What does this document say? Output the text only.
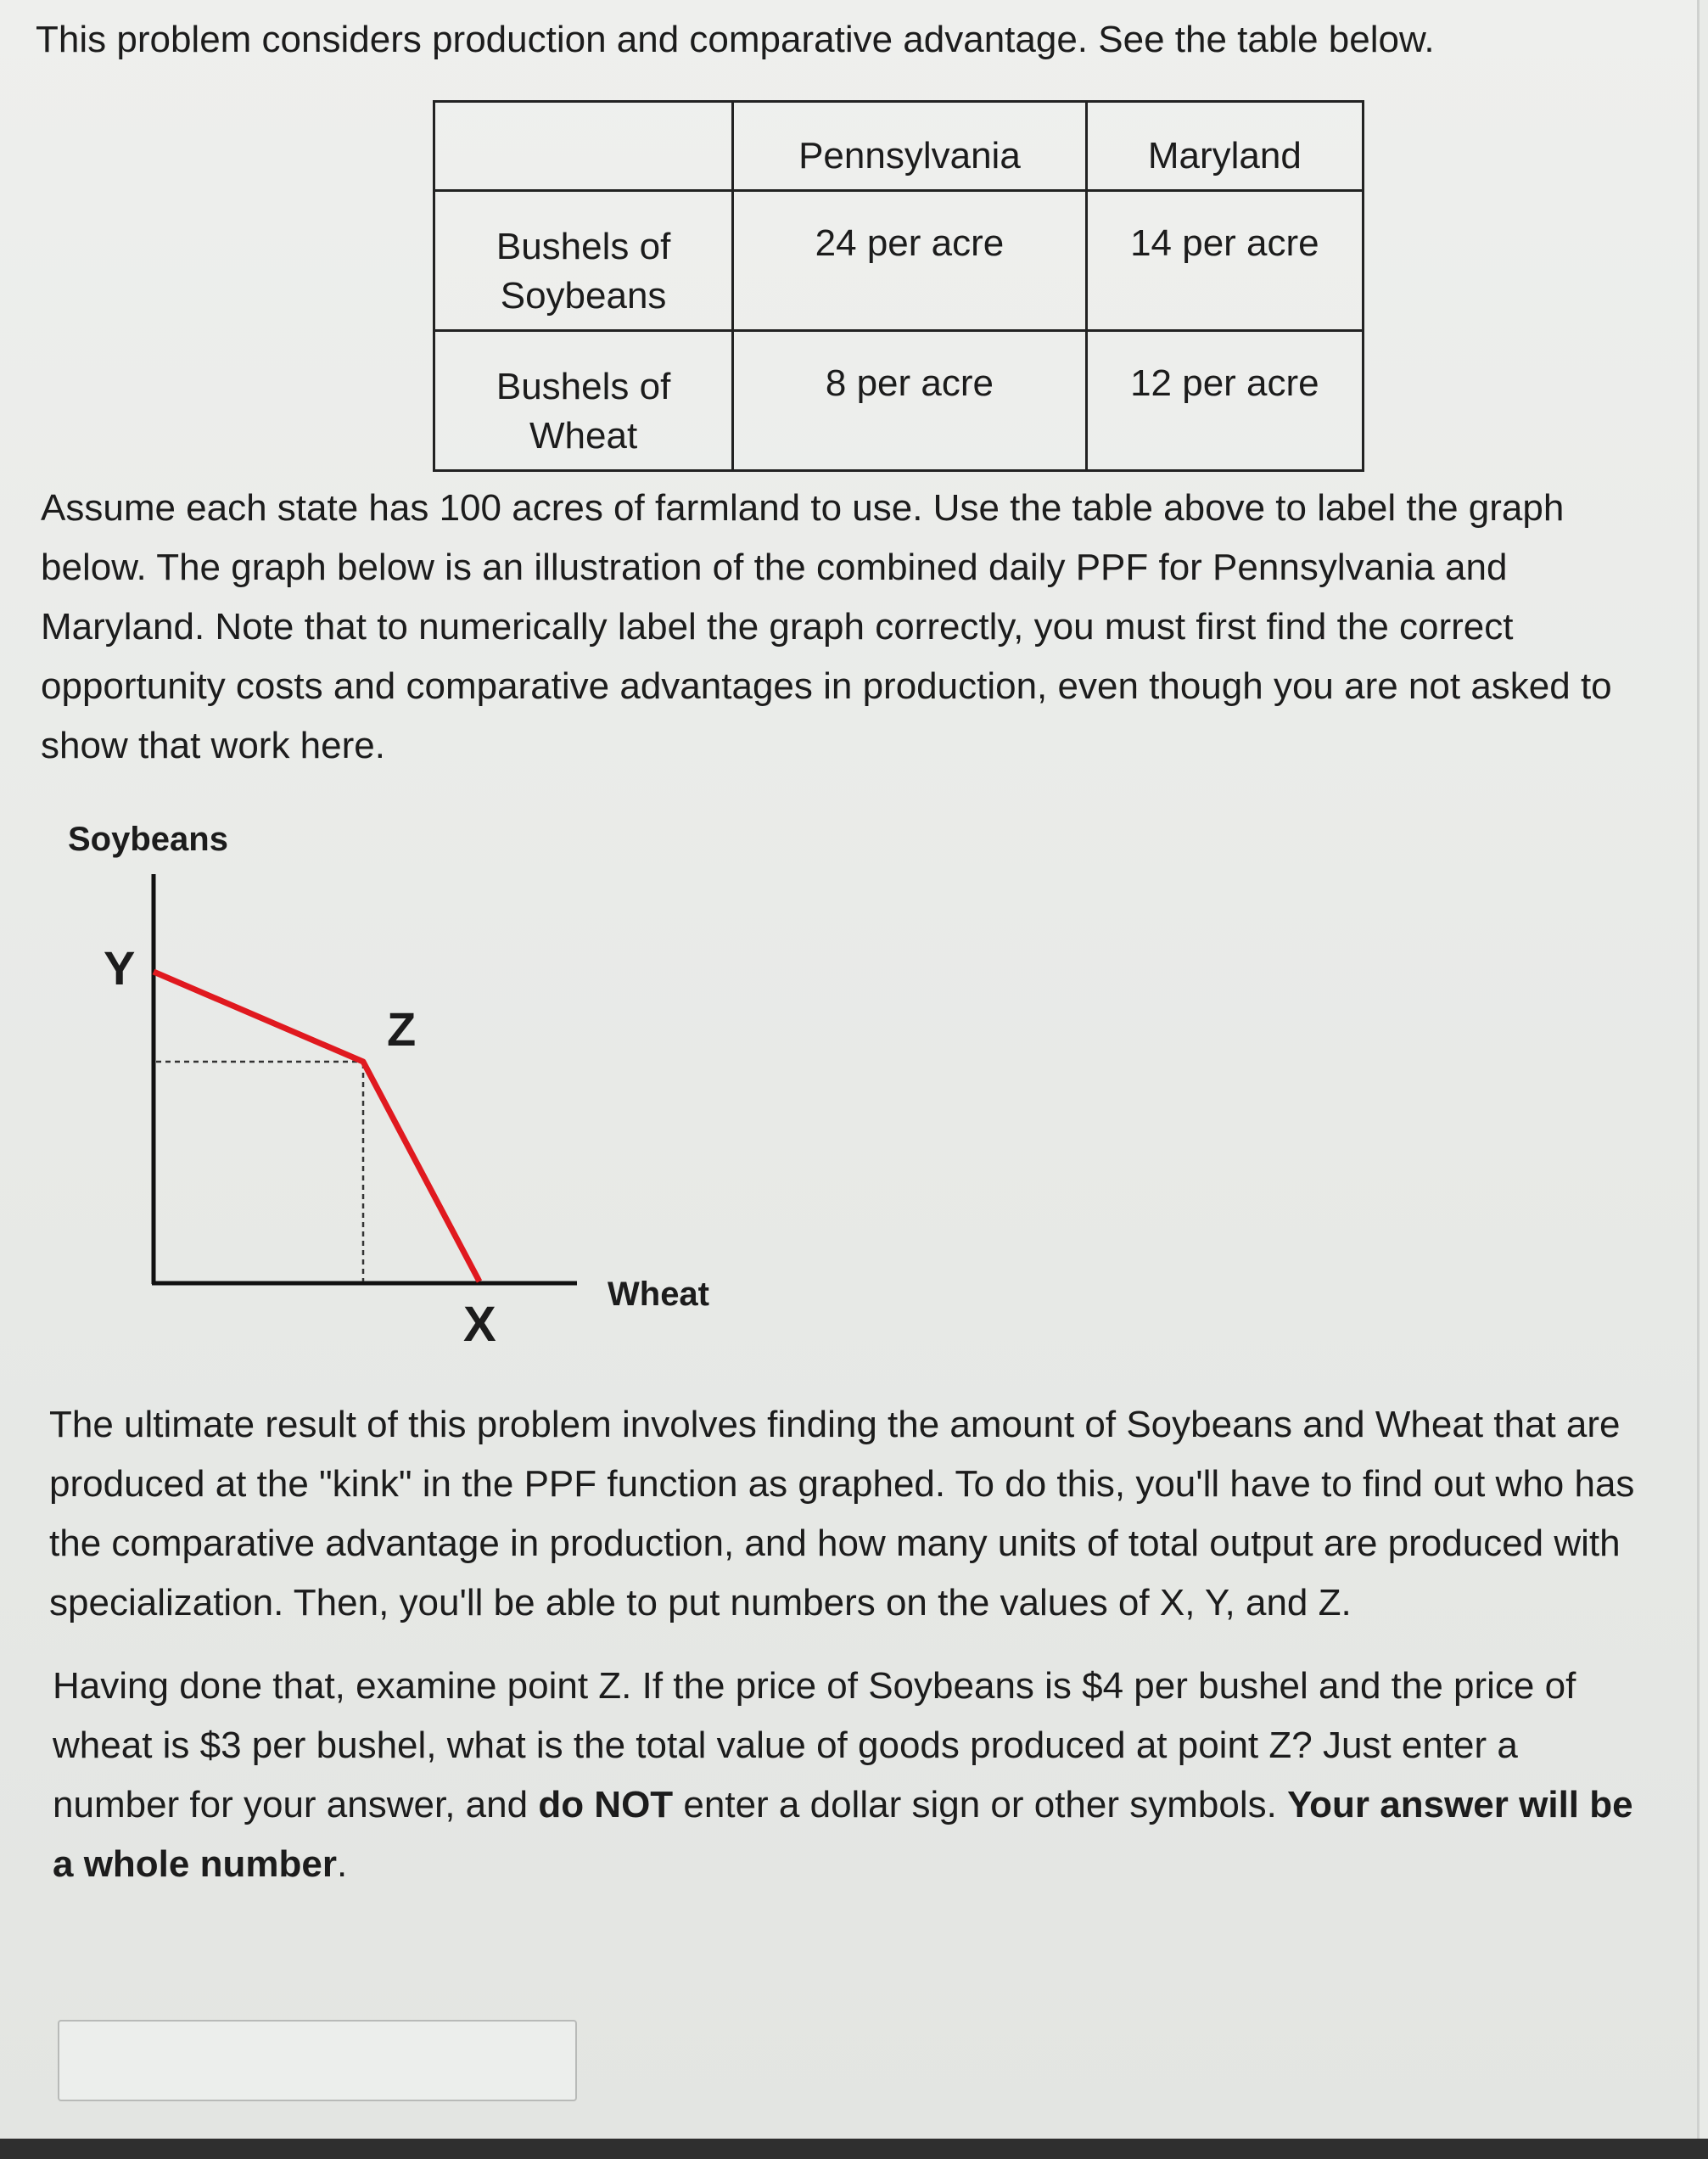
This problem considers production and comparative advantage. See the table below.

	Pennsylvania	Maryland
Bushels of Soybeans	24 per acre	14 per acre
Bushels of Wheat	8 per acre	12 per acre

Assume each state has 100 acres of farmland to use. Use the table above to label the graph below. The graph below is an illustration of the combined daily PPF for Pennsylvania and Maryland. Note that to numerically label the graph correctly, you must first find the correct opportunity costs and comparative advantages in production, even though you are not asked to show that work here.

Soybeans
Y
Z
X
Wheat

The ultimate result of this problem involves finding the amount of Soybeans and Wheat that are produced at the "kink" in the PPF function as graphed. To do this, you'll have to find out who has the comparative advantage in production, and how many units of total output are produced with specialization. Then, you'll be able to put numbers on the values of X, Y, and Z.

Having done that, examine point Z. If the price of Soybeans is $4 per bushel and the price of wheat is $3 per bushel, what is the total value of goods produced at point Z? Just enter a number for your answer, and do NOT enter a dollar sign or other symbols. Your answer will be a whole number.
